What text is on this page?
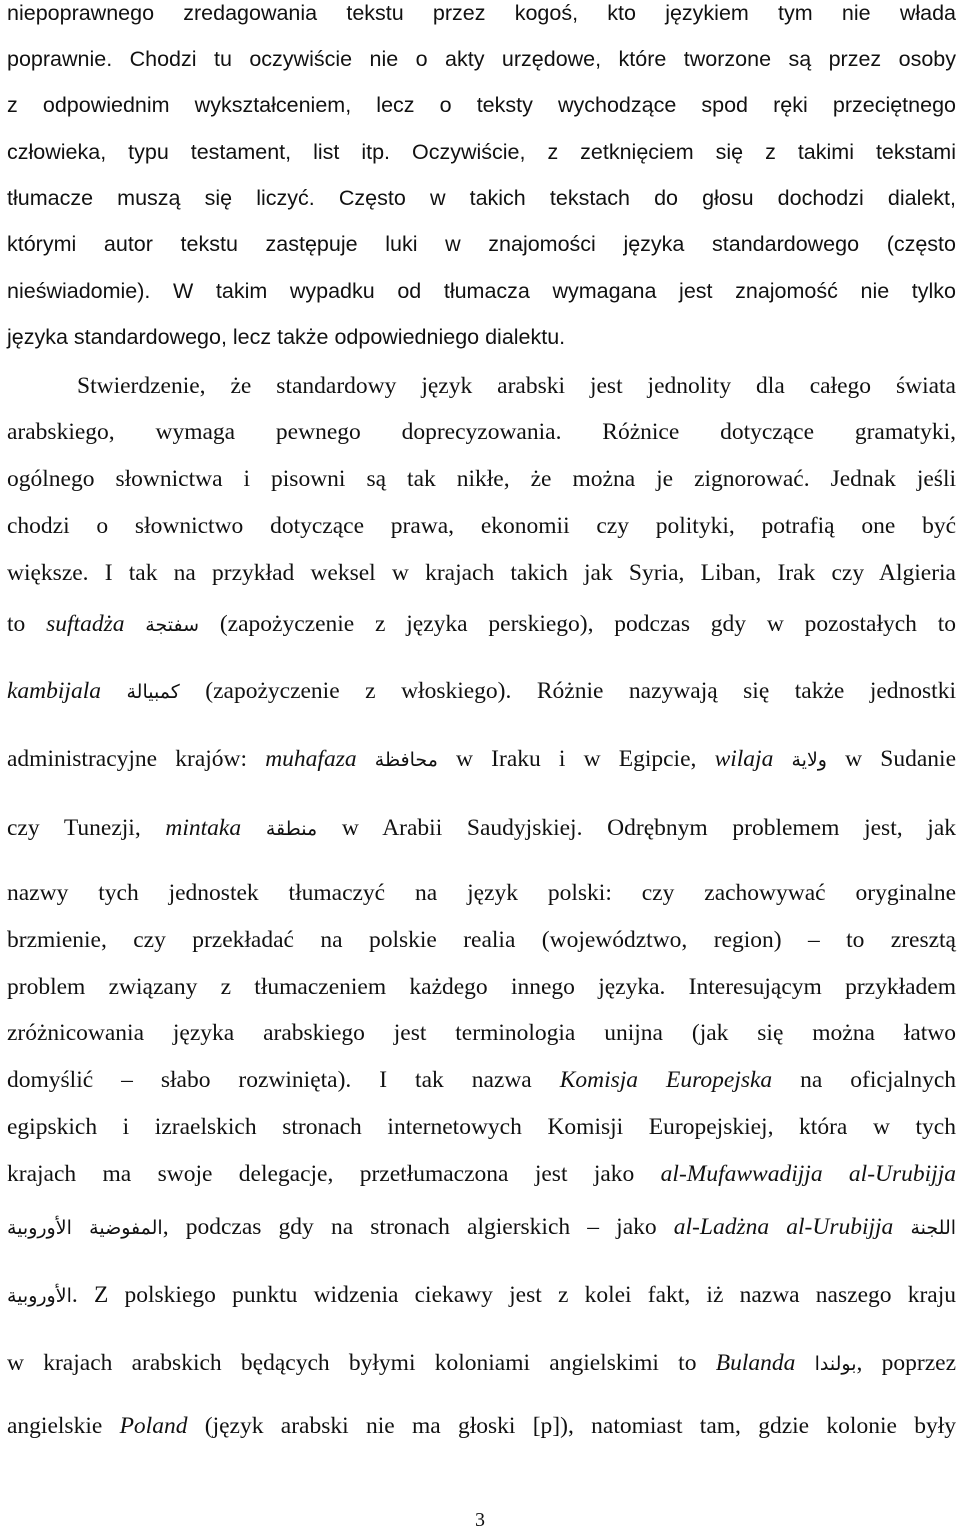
niepoprawnego zredagowania tekstu przez kogoś, kto językiem tym nie włada
poprawnie. Chodzi tu oczywiście nie o akty urzędowe, które tworzone są przez osoby
z odpowiednim wykształceniem, lecz o teksty wychodzące spod ręki przeciętnego
człowieka, typu testament, list itp. Oczywiście, z zetknięciem się z takimi tekstami
tłumacze muszą się liczyć. Często w takich tekstach do głosu dochodzi dialekt,
którymi autor tekstu zastępuje luki w znajomości języka standardowego (często
nieświadomie). W takim wypadku od tłumacza wymagana jest znajomość nie tylko
języka standardowego, lecz także odpowiedniego dialektu.
Stwierdzenie, że standardowy język arabski jest jednolity dla całego świata
arabskiego, wymaga pewnego doprecyzowania. Różnice dotyczące gramatyki,
ogólnego słownictwa i pisowni są tak nikłe, że można je zignorować. Jednak jeśli
chodzi o słownictwo dotyczące prawa, ekonomii czy polityki, potrafią one być
większe. I tak na przykład weksel w krajach takich jak Syria, Liban, Irak czy Algieria
to suftadża سفتجة (zapożyczenie z języka perskiego), podczas gdy w pozostałych to
kambijala كمبيالة (zapożyczenie z włoskiego). Różnie nazywają się także jednostki
administracyjne krajów: muhafaza محافظة w Iraku i w Egipcie, wilaja ولاية w Sudanie
czy Tunezji, mintaka منطقة w Arabii Saudyjskiej. Odrębnym problemem jest, jak
nazwy tych jednostek tłumaczyć na język polski: czy zachowywać oryginalne
brzmienie, czy przekładać na polskie realia (województwo, region) – to zresztą
problem związany z tłumaczeniem każdego innego języka. Interesującym przykładem
zróżnicowania języka arabskiego jest terminologia unijna (jak się można łatwo
domyślić – słabo rozwinięta). I tak nazwa Komisja Europejska na oficjalnych
egipskich i izraelskich stronach internetowych Komisji Europejskiej, która w tych
krajach ma swoje delegacje, przetłumaczona jest jako al-Mufawwadijja al-Urubijja
المفوضية الأوروبية, podczas gdy na stronach algierskich – jako al-Ladżna al-Urubijja اللجنة
الأوروبية. Z polskiego punktu widzenia ciekawy jest z kolei fakt, iż nazwa naszego kraju
w krajach arabskich będących byłymi koloniami angielskimi to Bulanda بولندا, poprzez
angielskie Poland (język arabski nie ma głoski [p]), natomiast tam, gdzie kolonie były
3
